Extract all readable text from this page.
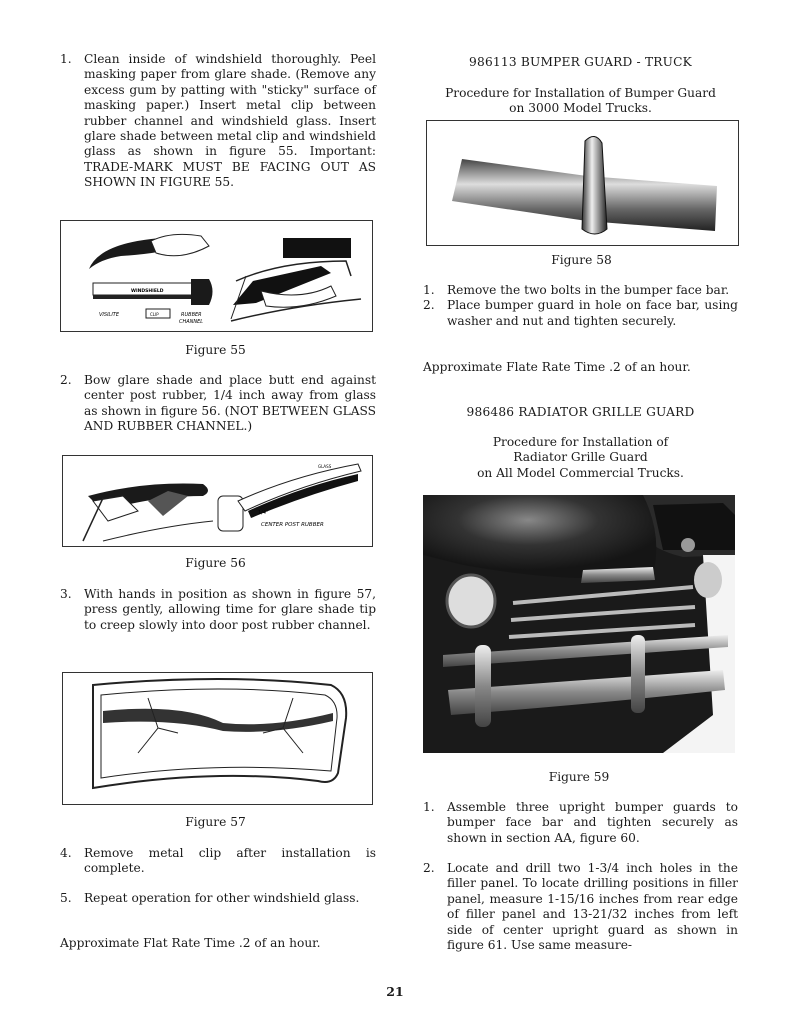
1.	Clean inside of windshield thoroughly. Peel masking paper from glare shade. (Remove any excess gum by patting with "sticky" surface of masking paper.) Insert metal clip between rubber channel and windshield glass. Insert glare shade between metal clip and windshield glass as shown in figure 55. Important: TRADE-MARK MUST BE FACING OUT AS SHOWN IN FIGURE 55.
WINDSHIELD
VISILITE	CLIP	RUBBER
CHANNEL
Figure 55
2.	Bow glare shade and place butt end against center post rubber, 1/4 inch away from glass as shown in figure 56. (NOT BETWEEN GLASS AND RUBBER CHANNEL.)
GLASS
1/4"
CENTER POST RUBBER
Figure 56
3.	With hands in position as shown in figure 57, press gently, allowing time for glare shade tip to creep slowly into door post rubber channel.
Figure 57
4.	Remove metal clip after installation is complete.
5.	Repeat operation for other windshield glass.
Approximate Flat Rate Time .2 of an hour.
986113 BUMPER GUARD - TRUCK
Procedure for Installation of Bumper Guard
on 3000 Model Trucks.
Figure 58
1.	Remove the two bolts in the bumper face bar.
2.	Place bumper guard in hole on face bar, using washer and nut and tighten securely.
Approximate Flate Rate Time .2 of an hour.
986486 RADIATOR GRILLE GUARD
Procedure for Installation of
Radiator Grille Guard
on All Model Commercial Trucks.
Figure 59
1.	Assemble three upright bumper guards to bumper face bar and tighten securely as shown in section AA, figure 60.
2.	Locate and drill two 1-3/4 inch holes in the filler panel. To locate drilling positions in filler panel, measure 1-15/16 inches from rear edge of filler panel and 13-21/32 inches from left side of center upright guard as shown in figure 61. Use same measure-
21
